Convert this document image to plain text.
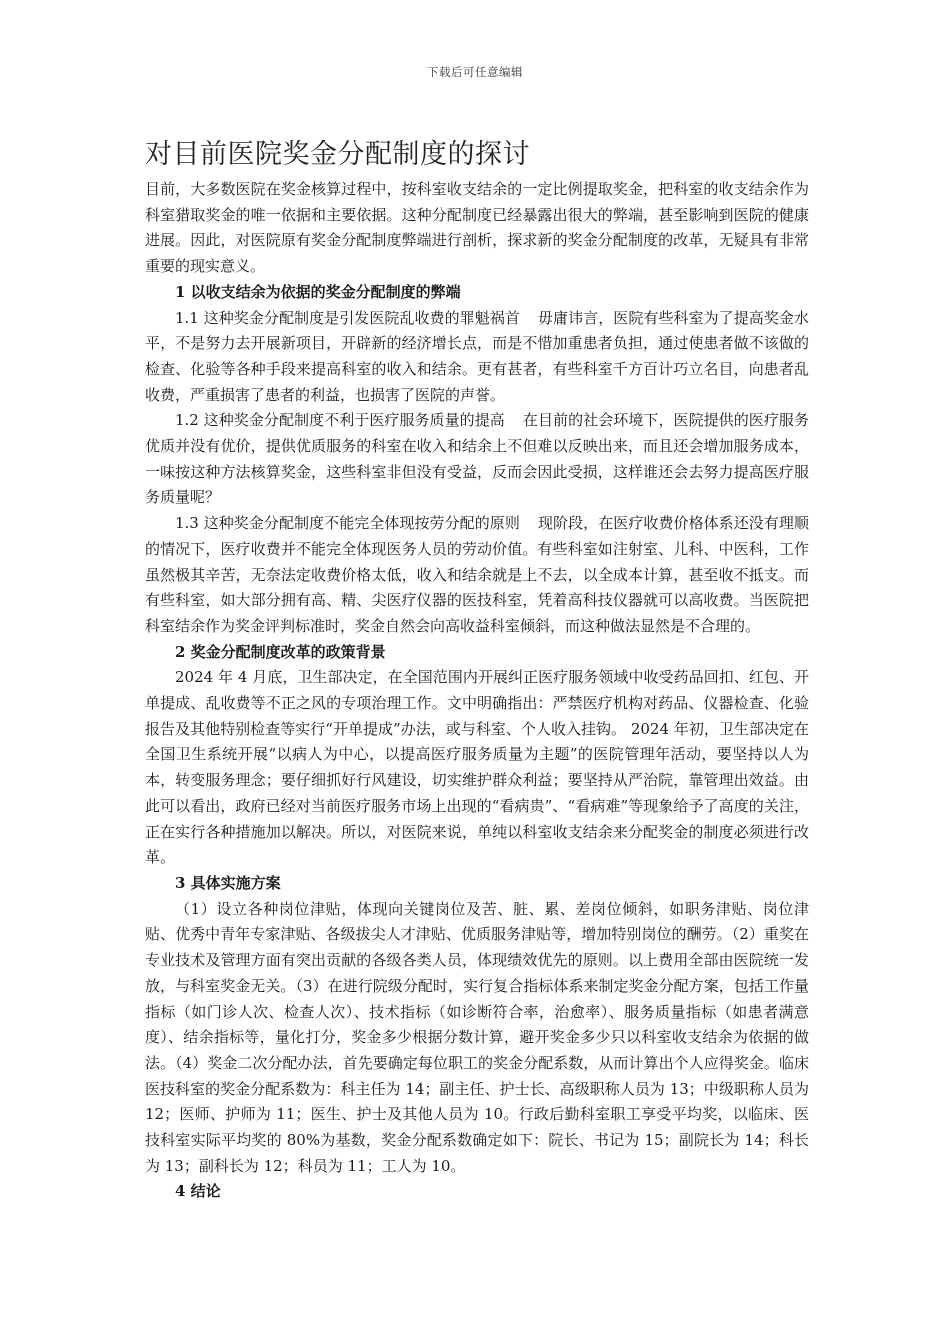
下载后可任意编辑
对目前医院奖金分配制度的探讨

目前，大多数医院在奖金核算过程中，按科室收支结余的一定比例提取奖金，把科室的收支结余作为科室猎取奖金的唯一依据和主要依据。这种分配制度已经暴露出很大的弊端，甚至影响到医院的健康进展。因此，对医院原有奖金分配制度弊端进行剖析，探求新的奖金分配制度的改革，无疑具有非常重要的现实意义。

1 以收支结余为依据的奖金分配制度的弊端

1.1 这种奖金分配制度是引发医院乱收费的罪魁祸首 毋庸讳言，医院有些科室为了提高奖金水平，不是努力去开展新项目，开辟新的经济增长点，而是不惜加重患者负担，通过使患者做不该做的检查、化验等各种手段来提高科室的收入和结余。更有甚者，有些科室千方百计巧立名目，向患者乱收费，严重损害了患者的利益，也损害了医院的声誉。

1.2 这种奖金分配制度不利于医疗服务质量的提高 在目前的社会环境下，医院提供的医疗服务优质并没有优价，提供优质服务的科室在收入和结余上不但难以反映出来，而且还会增加服务成本，一味按这种方法核算奖金，这些科室非但没有受益，反而会因此受损，这样谁还会去努力提高医疗服务质量呢？

1.3 这种奖金分配制度不能完全体现按劳分配的原则 现阶段，在医疗收费价格体系还没有理顺的情况下，医疗收费并不能完全体现医务人员的劳动价值。有些科室如注射室、儿科、中医科，工作虽然极其辛苦，无奈法定收费价格太低，收入和结余就是上不去，以全成本计算，甚至收不抵支。而有些科室，如大部分拥有高、精、尖医疗仪器的医技科室，凭着高科技仪器就可以高收费。当医院把科室结余作为奖金评判标准时，奖金自然会向高收益科室倾斜，而这种做法显然是不合理的。

2 奖金分配制度改革的政策背景

2024 年 4 月底，卫生部决定，在全国范围内开展纠正医疗服务领域中收受药品回扣、红包、开单提成、乱收费等不正之风的专项治理工作。文中明确指出：严禁医疗机构对药品、仪器检查、化验报告及其他特别检查等实行“开单提成”办法，或与科室、个人收入挂钩。 2024 年初，卫生部决定在全国卫生系统开展“以病人为中心，以提高医疗服务质量为主题”的医院管理年活动，要坚持以人为本，转变服务理念；要仔细抓好行风建设，切实维护群众利益；要坚持从严治院，靠管理出效益。由此可以看出，政府已经对当前医疗服务市场上出现的“看病贵”、“看病难”等现象给予了高度的关注，正在实行各种措施加以解决。所以，对医院来说，单纯以科室收支结余来分配奖金的制度必须进行改革。

3 具体实施方案

（1）设立各种岗位津贴，体现向关键岗位及苦、脏、累、差岗位倾斜，如职务津贴、岗位津贴、优秀中青年专家津贴、各级拔尖人才津贴、优质服务津贴等，增加特别岗位的酬劳。（2）重奖在专业技术及管理方面有突出贡献的各级各类人员，体现绩效优先的原则。以上费用全部由医院统一发放，与科室奖金无关。（3）在进行院级分配时，实行复合指标体系来制定奖金分配方案，包括工作量指标（如门诊人次、检查人次）、技术指标（如诊断符合率，治愈率）、服务质量指标（如患者满意度）、结余指标等，量化打分，奖金多少根据分数计算，避开奖金多少只以科室收支结余为依据的做法。（4）奖金二次分配办法，首先要确定每位职工的奖金分配系数，从而计算出个人应得奖金。临床医技科室的奖金分配系数为：科主任为 14；副主任、护士长、高级职称人员为 13；中级职称人员为 12；医师、护师为 11；医生、护士及其他人员为 10。行政后勤科室职工享受平均奖，以临床、医技科室实际平均奖的 80%为基数，奖金分配系数确定如下：院长、书记为 15；副院长为 14；科长为 13；副科长为 12；科员为 11；工人为 10。

4 结论
